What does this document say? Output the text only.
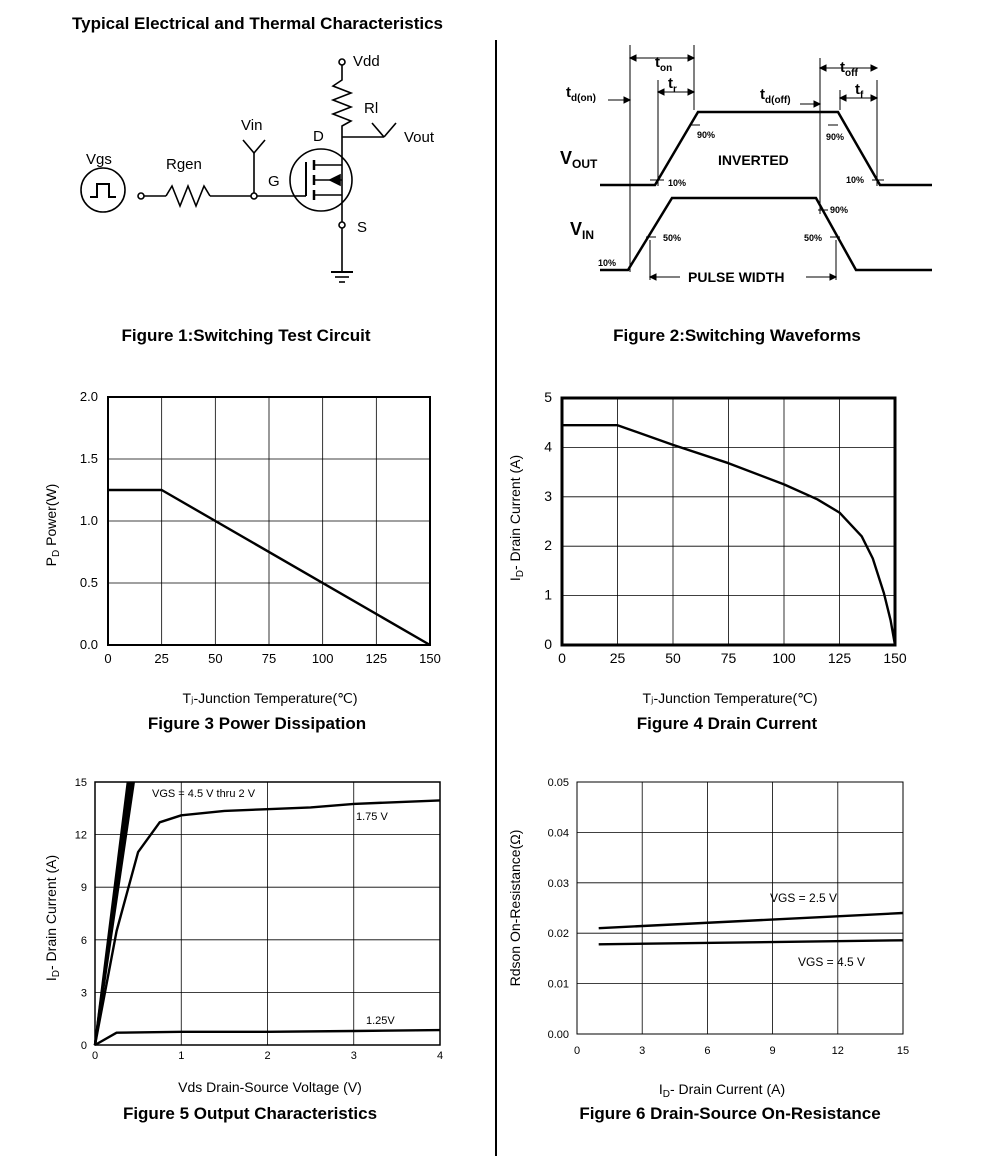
Typical Electrical and Thermal Characteristics
Vdd
Rl
Vin
Vout
D
G
S
Vgs	Rgen
$t_{on}$
$t_r$
$t_{d(on)}$	$t_{d(off)}$
$t_{off}$
$t_f$
$V_{OUT}$
$V_{IN}$
INVERTED
PULSE WIDTH
90%	90%
10%	10%
90%
50%	50%
10%
0	25	50	75	100 125 150
0.0
0.5
1.0
1.5
2.0
0	25	50	75	100 125 150
0
1
2
3
4
5
0	1	2	3	4
0
3
6
9
12
15
0	3	6	9	12	15
0.00
0.01
0.02
0.03
0.04
0.05
VGS = 4.5 V thru 2 V
1.75 V
1.25V
VGS = 2.5 V
VGS = 4.5 V
$P_D$ Power(W)
$I_D-$ Drain Current (A)
$I_D-$ Drain Current (A)	Rdson On-Resistance(Ω)
$I_D-$ Drain Current (A)
Figure 1:Switching Test Circuit	Figure 2:Switching Waveforms
Tⱼ-Junction Temperature(℃)
Figure 3 Power Dissipation
Tⱼ-Junction Temperature(℃)
Figure 4 Drain Current
Vds Drain-Source Voltage (V)
Figure 5 Output Characteristics	Figure 6 Drain-Source On-Resistance
